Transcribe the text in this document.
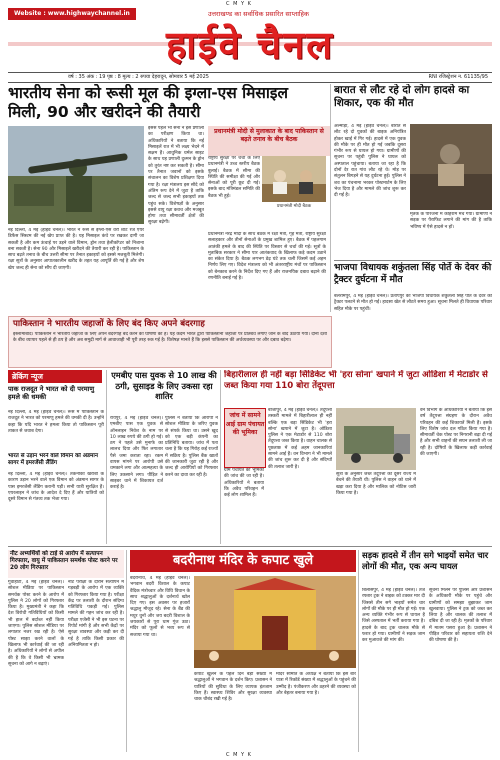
C M Y K
C M Y K
Website : www.highwaychannel.in	उत्तराखण्ड का सर्वाधिक प्रसारित साप्ताहिक
हाईवे चैनल
वर्ष : 35 अंक : 19 पृष्ठ : 8 मूल्य : 2 रुपया देहरादून, सोमवार 5 मई 2025	RNI रजिस्ट्रेशन न. 61135/95
भारतीय सेना को रूसी मूल की इग्ला-एस मिसाइल मिली, 90 और खरीदने की तैयारी
नई दिल्ली, 4 मई (हाईवे चैनल)। भारत ने रूस से इग्ला-एस वेरी शॉर्ट रेंज एयर डिफेंस सिस्टम की नई खेप प्राप्त की है। यह मिसाइल कंधे पर रखकर दागी जा सकती है और कम ऊंचाई पर उड़ने वाले विमान, ड्रोन तथा हेलीकॉप्टर को निशाना बना सकती है। सेना 90 और मिसाइलें खरीदने की तैयारी कर रही है। पाकिस्तान के साथ बढ़ते तनाव के बीच उत्तरी सीमा पर तैनात इकाइयों को इससे मजबूती मिलेगी। रक्षा सूत्रों के अनुसार आपातकालीन खरीद के तहत यह आपूर्ति की गई है और शेष खेप जल्द ही सेना को सौंप दी जाएगी।
इससे पहले भी सेना ने इस प्रणाली का परीक्षण किया था। अधिकारियों ने बताया कि नई मिसाइलें रात में भी लक्ष्य भेदने में सक्षम हैं। आधुनिक थर्मल साइट के साथ यह प्रणाली दुश्मन के ड्रोन को तुरंत नष्ट कर सकती है। सीमा पर तैनात जवानों को इसके संचालन का विशेष प्रशिक्षण दिया गया है। रक्षा मंत्रालय इस सौदे को अंतिम रूप देने में जुटा है ताकि जल्द से जल्द सभी इकाइयों तक पहुंच सके। विशेषज्ञों के अनुसार इससे वायु रक्षा कवच और मजबूत होगा तथा सीमावर्ती क्षेत्रों की सुरक्षा बढ़ेगी।
प्रधानमंत्री मोदी से मुलाकात के बाद पाकिस्तान से बढ़ते तनाव के बीच बैठक
राष्ट्रीय सुरक्षा पर चर्चा के लिए प्रधानमंत्री ने उच्च स्तरीय बैठक बुलाई। बैठक में सीमा की स्थिति की समीक्षा की गई और सेनाओं को पूरी छूट दी गई। इसके बाद मंत्रिमंडल समिति की बैठक भी हुई।
प्रधानमंत्री मोदी बैठक
प्रधानमंत्री नरेंद्र मोदी के साथ बैठक में रक्षा मंत्री, गृह मंत्री, राष्ट्रीय सुरक्षा सलाहकार और तीनों सेनाओं के प्रमुख शामिल हुए। बैठक में पहलगाम आतंकी हमले के बाद की स्थिति पर विस्तार से चर्चा की गई। सूत्रों के मुताबिक सरकार ने सीमा पार आतंकवाद के खिलाफ कड़े कदम उठाने का संकेत दिया है। बैठक लगभग डेढ़ घंटे तक चली जिसमें कई अहम निर्णय लिए गए। विदेश मंत्रालय को भी अंतरराष्ट्रीय मंचों पर पाकिस्तान को बेनकाब करने के निर्देश दिए गए हैं और राजनयिक दबाव बढ़ाने की रणनीति बनाई गई है।
बारात से लौट रहे दो लोग हादसे का शिकार, एक की मौत
अल्मोड़ा, 4 मई (हाईवे चैनल)। बारात से लौट रहे दो युवकों की बाइक अनियंत्रित होकर खाई में गिर गई। हादसे में एक युवक की मौके पर ही मौत हो गई जबकि दूसरा गंभीर रूप से घायल हो गया। ग्रामीणों की सूचना पर पहुंची पुलिस ने घायल को अस्पताल पहुंचाया। बताया जा रहा है कि दोनों देर रात गांव लौट रहे थे। मोड़ पर संतुलन बिगड़ने से यह दुर्घटना हुई। पुलिस ने शव का पंचनामा भरकर पोस्टमार्टम के लिए भेज दिया है और मामले की जांच शुरू कर दी गई है।
मृतक के परिजनों में कोहराम मच गया। ग्रामीणों ने सड़क पर पैराफिट लगाने की मांग की है ताकि भविष्य में ऐसे हादसे न हों।
भाजपा विधायक शकुंतला सिंह पोर्ते के देवर की ट्रैक्टर दुर्घटना में मौत
बलरामपुर, 4 मई (हाईवे चैनल)। प्रतापपुर की भाजपा विधायक शकुंतला सिंह पोर्ते के देवर की ट्रैक्टर पलटने से मौत हो गई। हादसा खेत से लौटते समय हुआ। सूचना मिलते ही विधायक परिवार सहित मौके पर पहुंचीं।
पाकिस्तान ने भारतीय जहाजों के लिए बंद किए अपने बंदरगाह
इस्लामाबाद। पाकिस्तान ने भारतीय जहाजों के लिए अपने बंदरगाह बंद करने की घोषणा की है। यह कदम भारत द्वारा पाकिस्तानी जहाजों पर प्रतिबंध लगाए जाने के बाद उठाया गया। दोनों देशों के बीच व्यापार पहले से ही ठप है और अब समुद्री मार्ग से आवाजाही भी पूरी तरह रुक गई है। विशेषज्ञ मानते हैं कि इससे पाकिस्तान की अर्थव्यवस्था पर और दबाव बढ़ेगा।
ब्रेकिंग न्यूज
पाक राजदूत ने भारत को दी परमाणु हमले की धमकी
नई दिल्ली, 4 मई (हाईवे चैनल)। रूस में पाकिस्तान के राजदूत ने भारत को परमाणु हमले की धमकी दी है। उन्होंने कहा कि यदि भारत ने हमला किया तो पाकिस्तान पूरी ताकत से जवाब देगा।
भारत से उड़ान भरने वाले विमान को अंडमान सागर में इमरजेंसी लैंडिंग
नई दिल्ली, 4 मई (हाईवे चैनल)। तकनीकी खराबी के कारण उड़ान भरने वाले एक विमान को अंडमान सागर के पास इमरजेंसी लैंडिंग करानी पड़ी। सभी यात्री सुरक्षित हैं। एयरलाइन ने जांच के आदेश दे दिए हैं और यात्रियों को दूसरे विमान से गंतव्य तक भेजा गया।
एमबीए पास युवक से 10 लाख की ठगी, सुसाइड के लिए उकसा रहा शातिर
रायपुर, 4 मई (हाईवे चैनल)। एमबीए पास एक युवक से ऑनलाइन निवेश के नाम पर 10 लाख रुपये की ठगी हो गई। ठग ने पहले उसे मुनाफे का लालच दिया और फिर लगातार पैसे जमा कराता रहा। रकम वापस मांगने पर आरोपी उसे धमकाने लगा और आत्महत्या के लिए उकसाने लगा। पीड़ित ने साइबर थाने में शिकायत दर्ज कराई है।
पुलिस ने बताया कि आरोपी ने सोशल मीडिया के जरिए युवक से संपर्क किया था। उसने खुद को एक बड़ी कंपनी का प्रतिनिधि बताया। जांच में पता चला है कि यह गिरोह कई राज्यों में सक्रिय है। पुलिस बैंक खातों की जानकारी जुटा रही है और जल्द ही आरोपियों को गिरफ्तार करने का दावा कर रही है।
बिहारीलाल ही नहीं बड़ा सिंडिकेट भी 'हरा सोना' खपाने में जुटा ओडिशा में मेटाडोर से जब्त किया गया 110 बोरा तेंदूपत्ता
जांच में सामने आई ग्राम पंचायत की भूमिका
ग्राम पंचायत की भूमिका की जांच की जा रही है। अधिकारियों ने बताया कि अवैध परिवहन में कई लोग शामिल हैं।
बीजापुर, 4 मई (हाईवे चैनल)। तेंदूपत्ता तस्करी मामले में बिहारीलाल ही नहीं बल्कि एक बड़ा सिंडिकेट भी 'हरा सोना' खपाने में जुटा है। ओडिशा पुलिस ने एक मेटाडोर से 110 बोरा तेंदूपत्ता जब्त किया है। वाहन चालक से पूछताछ में कई अहम जानकारियां सामने आई हैं। वन विभाग ने भी मामले की जांच शुरू कर दी है और संदिग्धों की तलाश जारी है।
सूत्रों के अनुसार जब्त तेंदूपत्ता को दूसरे राज्य में बेचने की तैयारी थी। पुलिस ने वाहन को थाने में खड़ा करा दिया है और मालिक को नोटिस जारी किया गया है।
वन विभाग के अधिकारियों ने बताया कि इस वर्ष तेंदूपत्ता संग्रहण के दौरान अवैध परिवहन की कई शिकायतें मिली हैं। इसके लिए विशेष जांच दल गठित किया गया है। सीमावर्ती चेक पोस्ट पर निगरानी बढ़ा दी गई है और सभी वाहनों की सघन तलाशी ली जा रही है। दोषियों के खिलाफ कड़ी कार्रवाई की जाएगी।
नीट अभ्यर्थियों को टाई से आरोप में सत्यापन गिरफ्तार, वायु में पाकिस्तान समर्थक पोस्ट करने पर 20 लोग गिरफ्तार
गुवाहाटी, 4 मई (हाईवे चैनल)। सोशल मीडिया पर पाकिस्तान समर्थक पोस्ट करने के आरोप में पुलिस ने 20 लोगों को गिरफ्तार किया है। मुख्यमंत्री ने कहा कि देश विरोधी गतिविधियों को किसी भी हाल में बर्दाश्त नहीं किया जाएगा। पुलिस सोशल मीडिया पर लगातार नजर रख रही है। ऐसे पोस्ट साझा करने वालों के खिलाफ भी कार्रवाई की जा रही है। अधिकारियों ने लोगों से अपील की है कि वे किसी भी भ्रामक सूचना को आगे न बढ़ाएं।
नीट परीक्षा के दौरान सत्यापन में गड़बड़ी के आरोप में एक व्यक्ति को गिरफ्तार किया गया है। परीक्षा केंद्र पर तलाशी के दौरान संदिग्ध गतिविधि पकड़ी गई। पुलिस मामले की गहन जांच कर रही है। परीक्षा एजेंसी ने भी इस घटना पर रिपोर्ट मांगी है और सभी केंद्रों पर सुरक्षा व्यवस्था और कड़ी कर दी गई है ताकि किसी प्रकार की अनियमितता न हो।
बदरीनाथ मंदिर के कपाट खुले
बदरीनाथ, 4 मई (हाईवे चैनल)। भगवान बदरी विशाल के कपाट वैदिक मंत्रोच्चार और विधि विधान के साथ श्रद्धालुओं के दर्शनार्थ खोल दिए गए। इस अवसर पर हजारों श्रद्धालु मौजूद रहे। सेना के बैंड की मधुर धुनों और जय बदरी विशाल के जयकारों से पूरा धाम गूंज उठा। मंदिर को फूलों से भव्य रूप से सजाया गया था।
कपाट खुलने के पहले दिन बड़ी संख्या में श्रद्धालुओं ने भगवान के दर्शन किए। प्रशासन ने यात्रियों की सुविधा के लिए व्यापक इंतजाम किए हैं। स्वास्थ्य शिविर और सुरक्षा व्यवस्था चाक चौबंद रखी गई है।
मंदिर समिति के अध्यक्ष ने बताया कि इस बार यात्रा में रिकॉर्ड संख्या में श्रद्धालुओं के पहुंचने की उम्मीद है। पंजीकरण और ठहरने की व्यवस्था को और बेहतर बनाया गया है।
सड़क हादसे में तीन सगे भाइयों समेत चार लोगों की मौत, एक अन्य घायल
बिलासपुर, 4 मई (हाईवे चैनल)। तेज रफ्तार ट्रक ने बाइक को टक्कर मार दी जिससे तीन सगे भाइयों समेत चार लोगों की मौके पर ही मौत हो गई। एक अन्य व्यक्ति गंभीर रूप से घायल है जिसे अस्पताल में भर्ती कराया गया है। हादसे के बाद ट्रक चालक मौके से फरार हो गया। ग्रामीणों ने सड़क जाम कर मुआवजे की मांग की।
सूचना मिलने पर पुलिस और प्रशासन के अधिकारी मौके पर पहुंचे और ग्रामीणों को समझा बुझाकर जाम खुलवाया। पुलिस ने ट्रक को जब्त कर लिया है और चालक की तलाश में दबिश दी जा रही है। मृतकों के परिवार में मातम पसरा हुआ है। प्रशासन ने पीड़ित परिवार को सहायता राशि देने की घोषणा की है।
